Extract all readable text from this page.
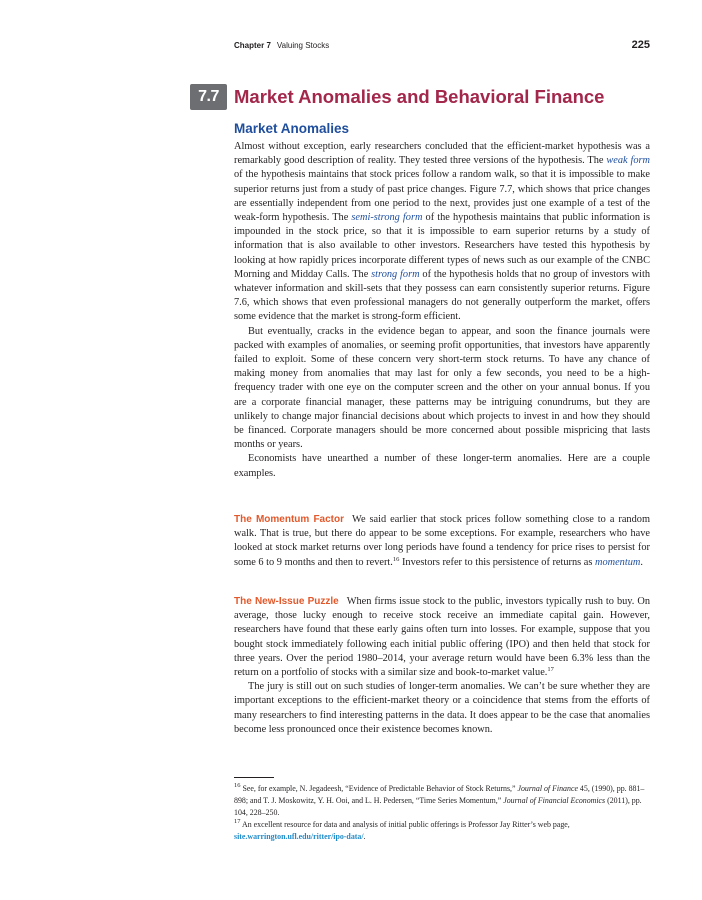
Chapter 7 Valuing Stocks	225
7.7 Market Anomalies and Behavioral Finance
Market Anomalies

Almost without exception, early researchers concluded that the efficient-market hypothesis was a remarkably good description of reality. They tested three versions of the hypothesis. The weak form of the hypothesis maintains that stock prices follow a random walk, so that it is impossible to make superior returns just from a study of past price changes. Figure 7.7, which shows that price changes are essentially independent from one period to the next, provides just one example of a test of the weak-form hypothesis. The semi-strong form of the hypothesis maintains that public information is impounded in the stock price, so that it is impossible to earn superior returns by a study of information that is also available to other investors. Researchers have tested this hypothesis by looking at how rapidly prices incorporate different types of news such as our example of the CNBC Morning and Midday Calls. The strong form of the hypothesis holds that no group of investors with whatever information and skill-sets that they possess can earn consistently superior returns. Figure 7.6, which shows that even professional managers do not generally outperform the market, offers some evidence that the market is strong-form efficient.

But eventually, cracks in the evidence began to appear, and soon the finance journals were packed with examples of anomalies, or seeming profit opportunities, that investors have apparently failed to exploit. Some of these concern very short-term stock returns. To have any chance of making money from anomalies that may last for only a few seconds, you need to be a high-frequency trader with one eye on the computer screen and the other on your annual bonus. If you are a corporate financial manager, these patterns may be intriguing conundrums, but they are unlikely to change major financial decisions about which projects to invest in and how they should be financed. Corporate managers should be more concerned about possible mispricing that lasts months or years.

Economists have unearthed a number of these longer-term anomalies. Here are a couple examples.

The Momentum Factor We said earlier that stock prices follow something close to a random walk. That is true, but there do appear to be some exceptions. For example, researchers who have looked at stock market returns over long periods have found a tendency for price rises to persist for some 6 to 9 months and then to revert.$^{16}$ Investors refer to this persistence of returns as momentum.

The New-Issue Puzzle When firms issue stock to the public, investors typically rush to buy. On average, those lucky enough to receive stock receive an immediate capital gain. However, researchers have found that these early gains often turn into losses. For example, suppose that you bought stock immediately following each initial public offering (IPO) and then held that stock for three years. Over the period 1980–2014, your average return would have been 6.3% less than the return on a portfolio of stocks with a similar size and book-to-market value.$^{17}$

The jury is still out on such studies of longer-term anomalies. We can’t be sure whether they are important exceptions to the efficient-market theory or a coincidence that stems from the efforts of many researchers to find interesting patterns in the data. It does appear to be the case that anomalies become less pronounced once their existence becomes known.

$^{16}$ See, for example, N. Jegadeesh, “Evidence of Predictable Behavior of Stock Returns,” Journal of Finance 45, (1990), pp. 881–898; and T. J. Moskowitz, Y. H. Ooi, and L. H. Pedersen, “Time Series Momentum,” Journal of Financial Economics (2011), pp. 104, 228–250.

$^{17}$ An excellent resource for data and analysis of initial public offerings is Professor Jay Ritter’s web page, site.warrington.ufl.edu/ritter/ipo-data/.
